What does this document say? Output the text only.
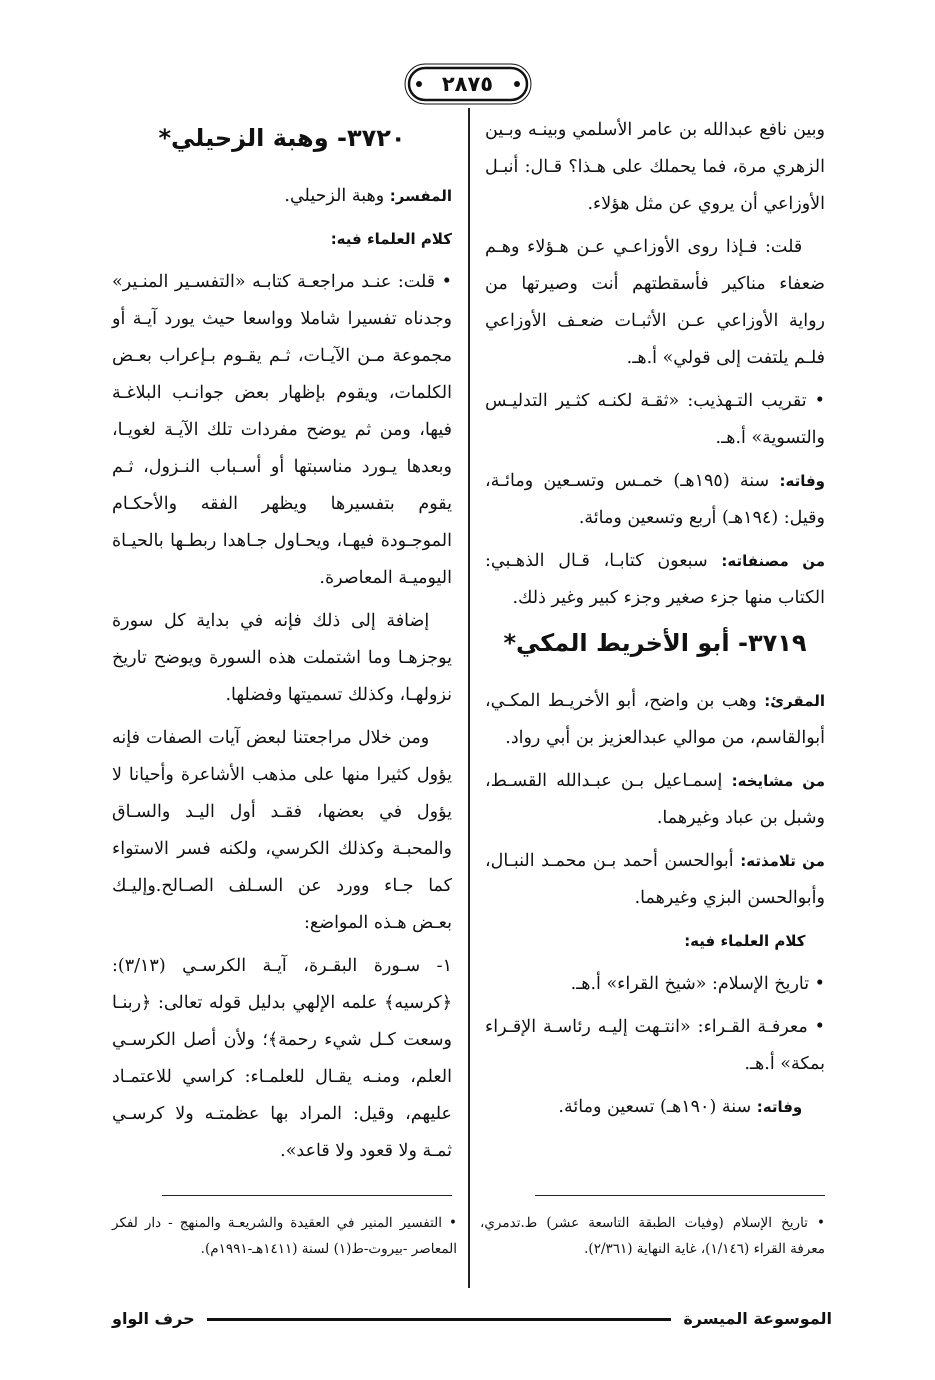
٢٨٧٥

وبين نافع عبدالله بن عامر الأسلمي وبينـه وبـين الزهري مرة، فما يحملك على هـذا؟ قـال: أنبـل الأوزاعي أن يروي عن مثل هؤلاء.

قلت: فـإذا روى الأوزاعـي عـن هـؤلاء وهـم ضعفاء مناكير فأسقطتهم أنت وصيرتها من رواية الأوزاعي عـن الأثبـات ضعـف الأوزاعي فلـم يلتفت إلى قولي» أ.هـ.

• تقريب التـهذيب: «ثقـة لكنـه كثـير التدليـس والتسوية» أ.هـ.

وفاته: سنة (١٩٥هـ) خمـس وتسـعين ومائـة، وقيل: (١٩٤هـ) أربع وتسعين ومائة.

من مصنفاته: سبعون كتابـا، قـال الذهـبي: الكتاب منها جزء صغير وجزء كبير وغير ذلك.

٣٧١٩- أبو الأخريط المكي*

المقرئ: وهب بن واضح، أبو الأخريـط المكـي، أبوالقاسم، من موالي عبدالعزيز بن أبي رواد.

من مشايخه: إسمـاعيل بـن عبـدالله القسـط، وشبل بن عباد وغيرهما.

من تلامذته: أبوالحسن أحمد بـن محمـد النبـال، وأبوالحسن البزي وغيرهما.

كلام العلماء فيه:

• تاريخ الإسلام: «شيخ القراء» أ.هـ.

• معرفـة القـراء: «انتـهت إليـه رئاسـة الإقـراء بمكة» أ.هـ.

وفاته: سنة (١٩٠هـ) تسعين ومائة.

٣٧٢٠- وهبة الزحيلي*

المفسر: وهبة الزحيلي.

كلام العلماء فيه:

• قلت: عنـد مراجعـة كتابـه «التفسـير المنـير» وجدناه تفسيرا شاملا وواسعا حيث يورد آيـة أو مجموعة مـن الآيـات، ثـم يقـوم بـإعراب بعـض الكلمات، ويقوم بإظهار بعض جوانـب البلاغـة فيها، ومن ثم يوضح مفردات تلك الآيـة لغويـا، وبعدها يـورد مناسبتها أو أسـباب النـزول، ثـم يقوم بتفسيرها ويظهر الفقه والأحكـام الموجـودة فيهـا، ويحـاول جـاهدا ربطـها بالحيـاة اليوميـة المعاصرة.

إضافة إلى ذلك فإنه في بداية كل سورة يوجزهـا وما اشتملت هذه السورة ويوضح تاريخ نزولهـا، وكذلك تسميتها وفضلها.

ومن خلال مراجعتنا لبعض آيات الصفات فإنه يؤول كثيرا منها على مذهب الأشاعرة وأحيانا لا يؤول في بعضها، فقـد أول اليـد والسـاق والمحبـة وكذلك الكرسي، ولكنه فسر الاستواء كما جـاء وورد عن السـلف الصـالح.وإليـك بعـض هـذه المواضع:

١- سـورة البقـرة، آيـة الكرسـي (٣/١٣): ﴿كرسيه﴾ علمه الإلهي بدليل قوله تعالى: ﴿ربنـا وسعت كـل شيء رحمة﴾؛ ولأن أصل الكرسـي العلم، ومنـه يقـال للعلمـاء: كراسي للاعتمـاد عليهم، وقيل: المراد بها عظمتـه ولا كرسـي ثمـة ولا قعود ولا قاعد».

• تاريخ الإسلام (وفيات الطبقة التاسعة عشر) ط.تدمري، معرفة القراء (١/١٤٦)، غاية النهاية (٢/٣٦١).
• التفسير المنير في العقيدة والشريعـة والمنهج - دار لفكر المعاصر -بيروت-ط(١) لسنة (١٤١١هـ-١٩٩١م).
الموسوعة الميسرة
حرف الواو
